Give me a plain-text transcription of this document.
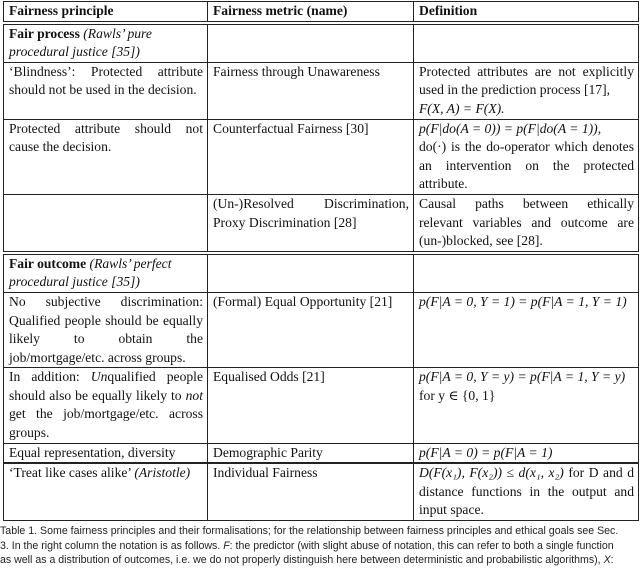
Fairness principle	Fairness metric (name)	Definition
Fair process (Rawls’ pure procedural justice [35])		
‘Blindness’: Protected attribute should not be used in the decision.	Fairness through Unawareness	Protected attributes are not explicitly used in the prediction process [17],
F(X, A) = F(X).

Protected attribute should not cause the decision.	Counterfactual Fairness [30]	p(F|do(A = 0)) = p(F|do(A = 1)),
do(·) is the do-operator which denotes an intervention on the protected attribute.
	(Un-)Resolved Discrimination, Proxy Discrimination [28]	Causal paths between ethically relevant variables and outcome are (un-)blocked, see [28].
Fair outcome (Rawls’ perfect procedural justice [35])		
No subjective discrimination: Qualified people should be equally likely to obtain the job/mortgage/etc. across groups.	(Formal) Equal Opportunity [21]	p(F|A = 0, Y = 1) = p(F|A = 1, Y = 1)
In addition: Unqualified people should also be equally likely to not get the job/mortgage/etc. across groups.	Equalised Odds [21]	p(F|A = 0, Y = y) = p(F|A = 1, Y = y)
for y ∈ {0, 1}
Equal representation, diversity	Demographic Parity	p(F|A = 0) = p(F|A = 1)
‘Treat like cases alike’ (Aristotle)	Individual Fairness	D(F(x₁), F(x₂)) ≤ d(x₁, x₂) for D and d distance functions in the output and input space.
Table 1. Some fairness principles and their formalisations; for the relationship between fairness principles and ethical goals see Sec.
3. In the right column the notation is as follows. F: the predictor (with slight abuse of notation, this can refer to both a single function
as well as a distribution of outcomes, i.e. we do not properly distinguish here between deterministic and probabilistic algorithms), X:
